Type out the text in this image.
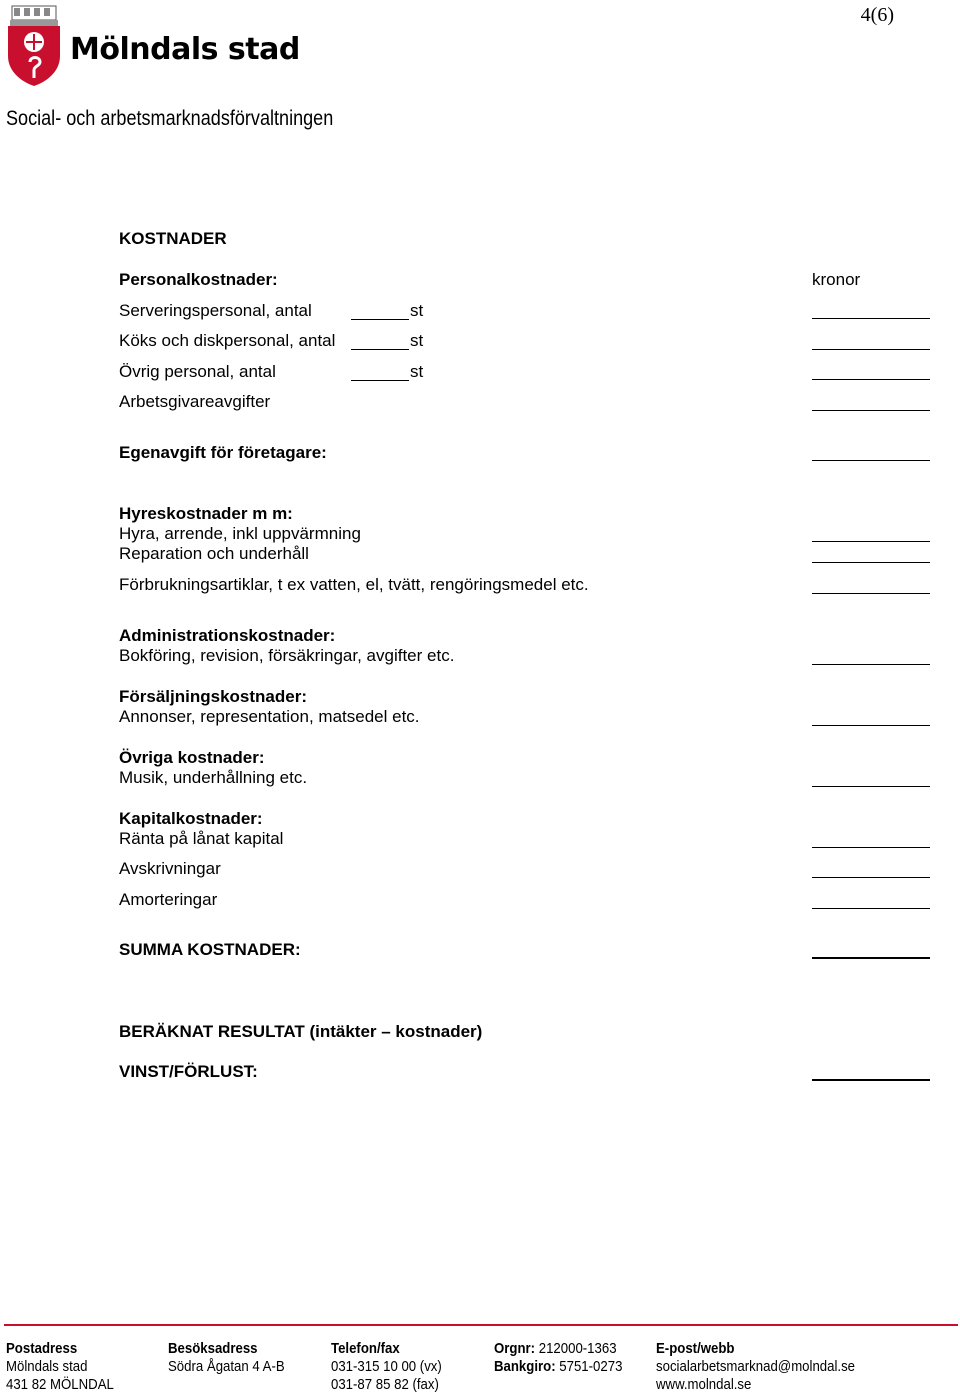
Mölndals stad
4(6)
Social- och arbetsmarknadsförvaltningen
KOSTNADER
Personalkostnader:	kronor
Serveringspersonal, antal	st
Köks och diskpersonal, antal	st
Övrig personal, antal	st
Arbetsgivareavgifter
Egenavgift för företagare:
Hyreskostnader m m:
Hyra, arrende, inkl uppvärmning
Reparation och underhåll
Förbrukningsartiklar, t ex vatten, el, tvätt, rengöringsmedel etc.
Administrationskostnader:
Bokföring, revision, försäkringar, avgifter etc.
Försäljningskostnader:
Annonser, representation, matsedel etc.
Övriga kostnader:
Musik, underhållning etc.
Kapitalkostnader:
Ränta på lånat kapital
Avskrivningar
Amorteringar
SUMMA KOSTNADER:
BERÄKNAT RESULTAT (intäkter – kostnader)
VINST/FÖRLUST:
Postadress
Mölndals stad
431 82 MÖLNDAL
Besöksadress
Södra Ågatan 4 A-B
Telefon/fax
031-315 10 00 (vx)
031-87 85 82 (fax)
Orgnr: 212000-1363
Bankgiro: 5751-0273
E-post/webb
socialarbetsmarknad@molndal.se
www.molndal.se
